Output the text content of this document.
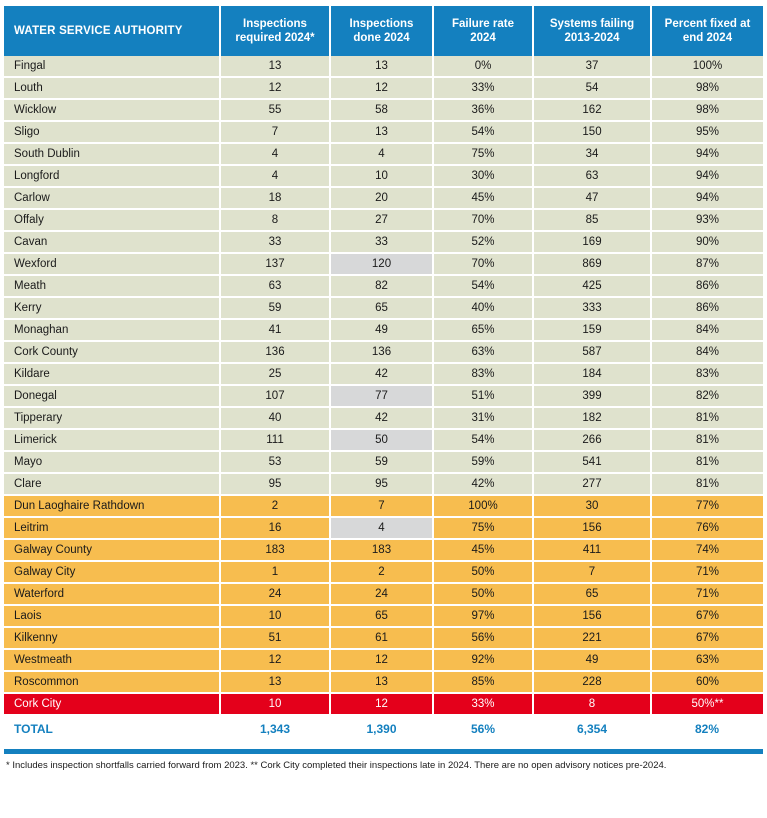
WATER SERVICE AUTHORITY	Inspections required 2024*	Inspections done 2024	Failure rate 2024	Systems failing 2013-2024	Percent fixed at end 2024
Fingal	13	13	0%	37	100%
Louth	12	12	33%	54	98%
Wicklow	55	58	36%	162	98%
Sligo	7	13	54%	150	95%
South Dublin	4	4	75%	34	94%
Longford	4	10	30%	63	94%
Carlow	18	20	45%	47	94%
Offaly	8	27	70%	85	93%
Cavan	33	33	52%	169	90%
Wexford	137	120	70%	869	87%
Meath	63	82	54%	425	86%
Kerry	59	65	40%	333	86%
Monaghan	41	49	65%	159	84%
Cork County	136	136	63%	587	84%
Kildare	25	42	83%	184	83%
Donegal	107	77	51%	399	82%
Tipperary	40	42	31%	182	81%
Limerick	111	50	54%	266	81%
Mayo	53	59	59%	541	81%
Clare	95	95	42%	277	81%
Dun Laoghaire Rathdown	2	7	100%	30	77%
Leitrim	16	4	75%	156	76%
Galway County	183	183	45%	411	74%
Galway City	1	2	50%	7	71%
Waterford	24	24	50%	65	71%
Laois	10	65	97%	156	67%
Kilkenny	51	61	56%	221	67%
Westmeath	12	12	92%	49	63%
Roscommon	13	13	85%	228	60%
Cork City	10	12	33%	8	50%**
TOTAL	1,343	1,390	56%	6,354	82%
* Includes inspection shortfalls carried forward from 2023. ** Cork City completed their inspections late in 2024. There are no open advisory notices pre-2024.
